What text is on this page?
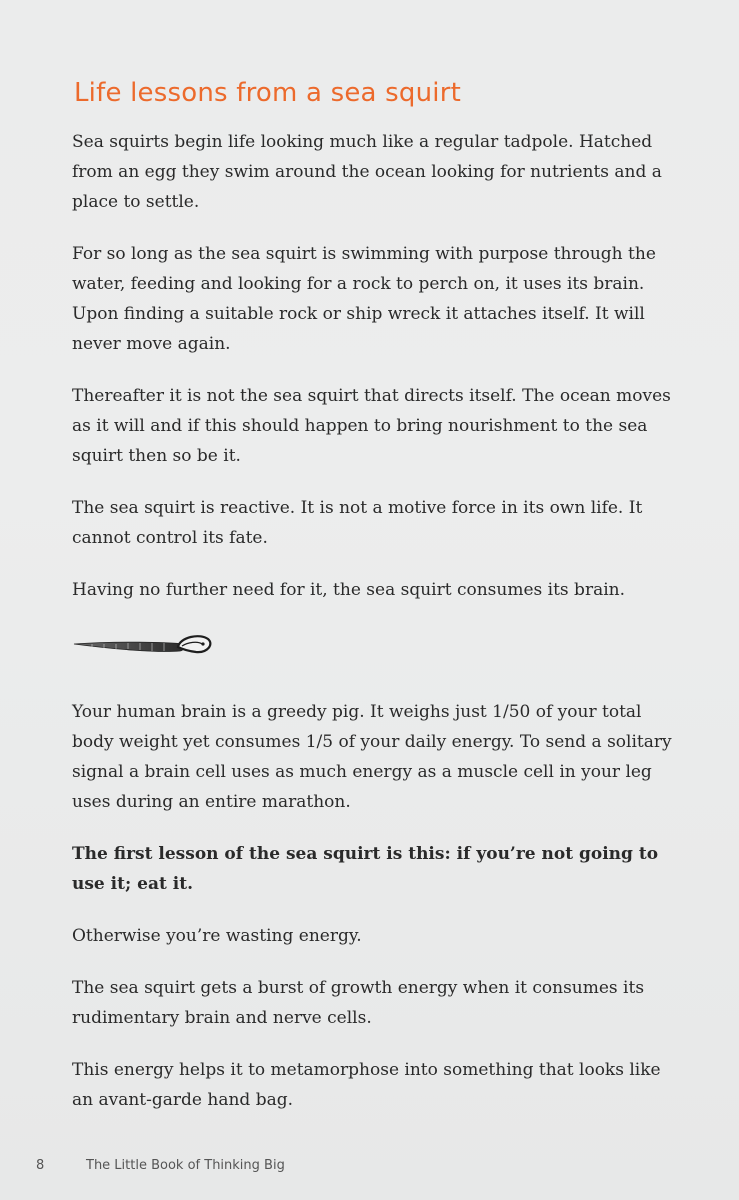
Life lessons from a sea squirt

Sea squirts begin life looking much like a regular tadpole. Hatched from an egg they swim around the ocean looking for nutrients and a place to settle.

For so long as the sea squirt is swimming with purpose through the water, feeding and looking for a rock to perch on, it uses its brain. Upon finding a suitable rock or ship wreck it attaches itself. It will never move again.

Thereafter it is not the sea squirt that directs itself. The ocean moves as it will and if this should happen to bring nourishment to the sea squirt then so be it.

The sea squirt is reactive. It is not a motive force in its own life. It cannot control its fate.

Having no further need for it, the sea squirt consumes its brain.

Your human brain is a greedy pig. It weighs just 1/50 of your total body weight yet consumes 1/5 of your daily energy. To send a solitary signal a brain cell uses as much energy as a muscle cell in your leg uses during an entire marathon.

The first lesson of the sea squirt is this: if you’re not going to use it; eat it.

Otherwise you’re wasting energy.

The sea squirt gets a burst of growth energy when it consumes its rudimentary brain and nerve cells.

This energy helps it to metamorphose into something that looks like an avant-garde hand bag.

8	The Little Book of Thinking Big
